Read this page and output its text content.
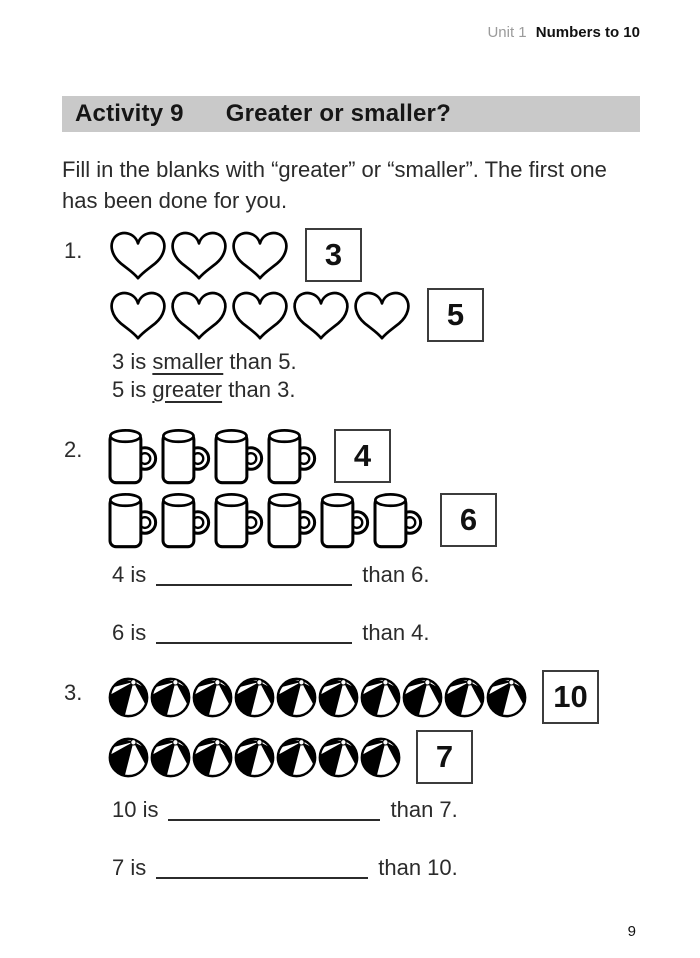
Unit 1 Numbers to 10
Activity 9 Greater or smaller?

Fill in the blanks with “greater” or “smaller”. The first one has been done for you.

1.	3
5

3 is smaller than 5.

5 is greater than 3.

2.	4
6

4 is	than 6.

6 is	than 4.

3.	10
7

10 is	than 7.

7 is	than 10.

9
